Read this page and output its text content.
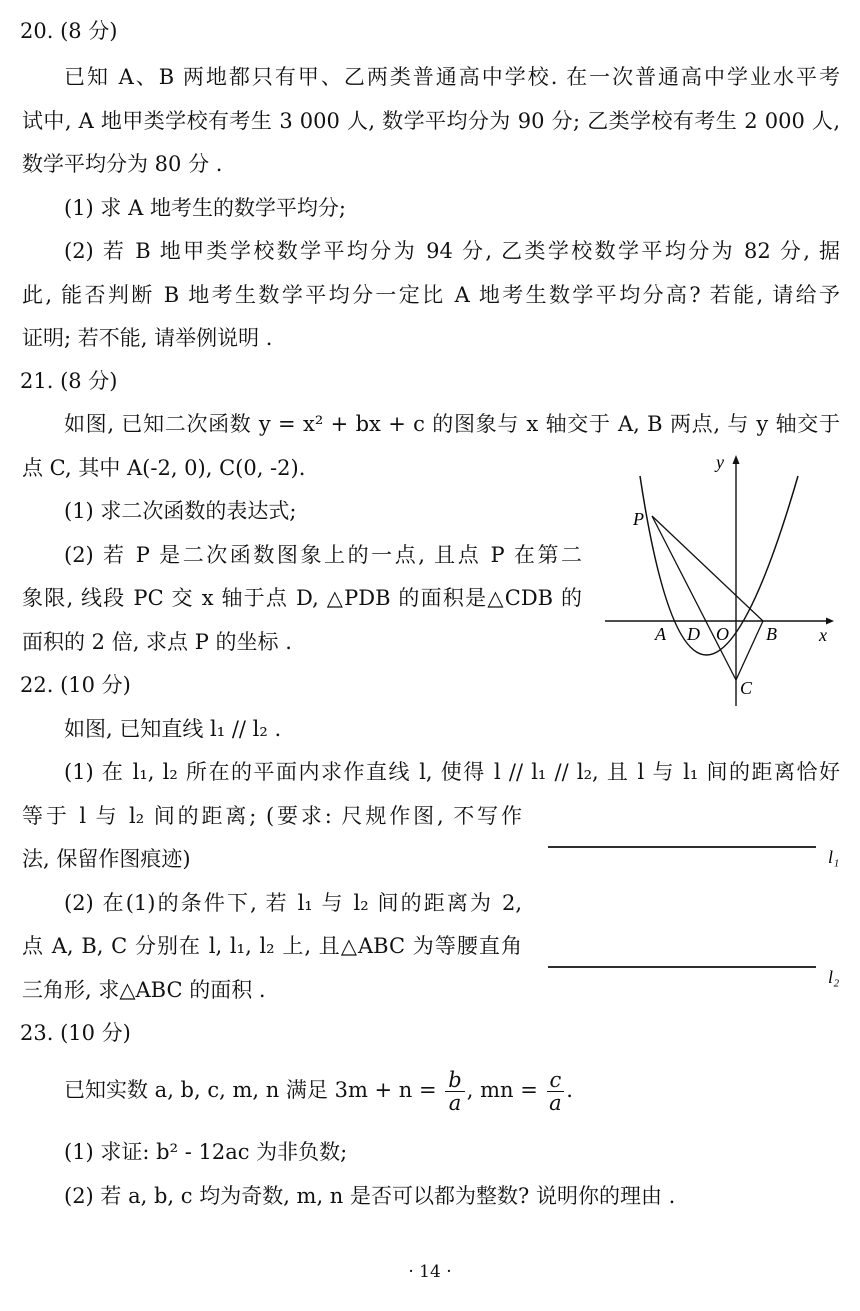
20. (8 分)
已知 A、B 两地都只有甲、乙两类普通高中学校. 在一次普通高中学业水平考
试中, A 地甲类学校有考生 3 000 人, 数学平均分为 90 分; 乙类学校有考生 2 000 人,
数学平均分为 80 分 .
(1) 求 A 地考生的数学平均分;
(2) 若 B 地甲类学校数学平均分为 94 分, 乙类学校数学平均分为 82 分, 据
此, 能否判断 B 地考生数学平均分一定比 A 地考生数学平均分高? 若能, 请给予
证明; 若不能, 请举例说明 .
21. (8 分)
如图, 已知二次函数 y = x² + bx + c 的图象与 x 轴交于 A, B 两点, 与 y 轴交于
点 C, 其中 A(-2, 0), C(0, -2).
(1) 求二次函数的表达式;
(2) 若 P 是二次函数图象上的一点, 且点 P 在第二
象限, 线段 PC 交 x 轴于点 D, △PDB 的面积是△CDB 的
面积的 2 倍, 求点 P 的坐标 .
y
x
P
A D O B
C
22. (10 分)
如图, 已知直线 l₁ // l₂ .
(1) 在 l₁, l₂ 所在的平面内求作直线 l, 使得 l // l₁ // l₂, 且 l 与 l₁ 间的距离恰好
等于 l 与 l₂ 间的距离; (要求: 尺规作图, 不写作
法, 保留作图痕迹)
(2) 在(1)的条件下, 若 l₁ 与 l₂ 间的距离为 2,
点 A, B, C 分别在 l, l₁, l₂ 上, 且△ABC 为等腰直角
三角形, 求△ABC 的面积 .
l₁
l₂
23. (10 分)
已知实数 a, b, c, m, n 满足 $3m + n = \frac{b}{a}$ , mn = $\frac{c}{a}$ .
(1) 求证: b² - 12ac 为非负数;
(2) 若 a, b, c 均为奇数, m, n 是否可以都为整数? 说明你的理由 .
· 14 ·
